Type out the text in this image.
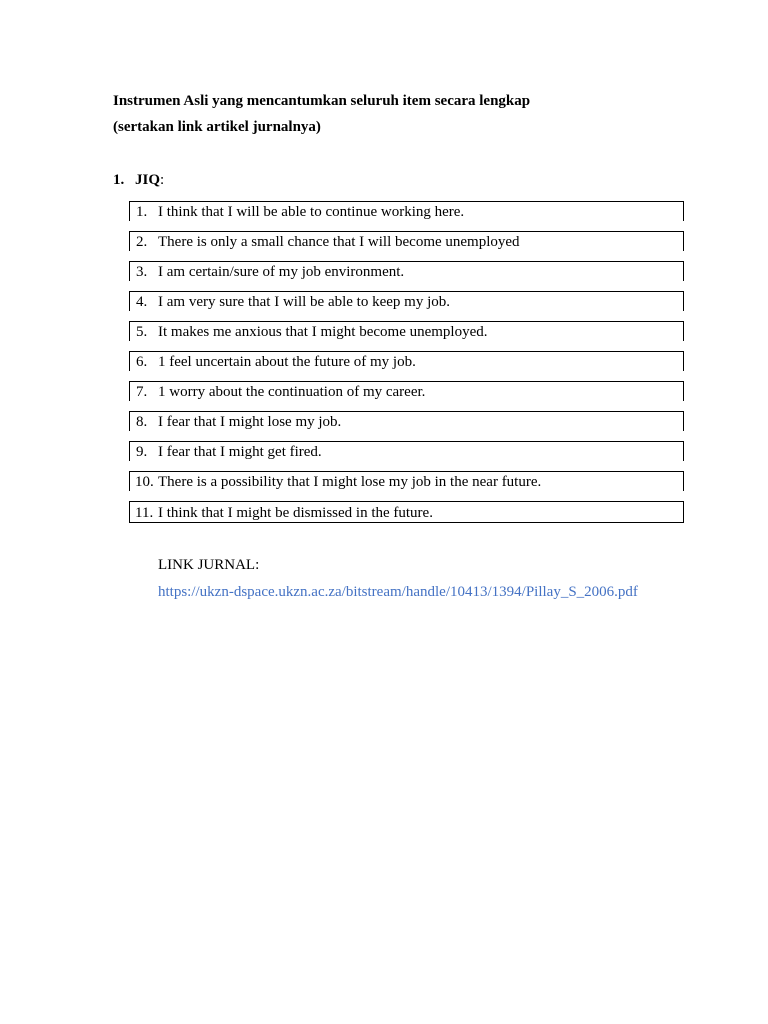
Instrumen Asli yang mencantumkan seluruh item secara lengkap
(sertakan link artikel jurnalnya)
1. JIQ:
1. I think that I will be able to continue working here.
2. There is only a small chance that I will become unemployed
3. I am certain/sure of my job environment.
4. I am very sure that I will be able to keep my job.
5. It makes me anxious that I might become unemployed.
6. 1 feel uncertain about the future of my job.
7. 1 worry about the continuation of my career.
8. I fear that I might lose my job.
9. I fear that I might get fired.
10. There is a possibility that I might lose my job in the near future.
11. I think that I might be dismissed in the future.
LINK JURNAL:
https://ukzn-dspace.ukzn.ac.za/bitstream/handle/10413/1394/Pillay_S_2006.pdf
